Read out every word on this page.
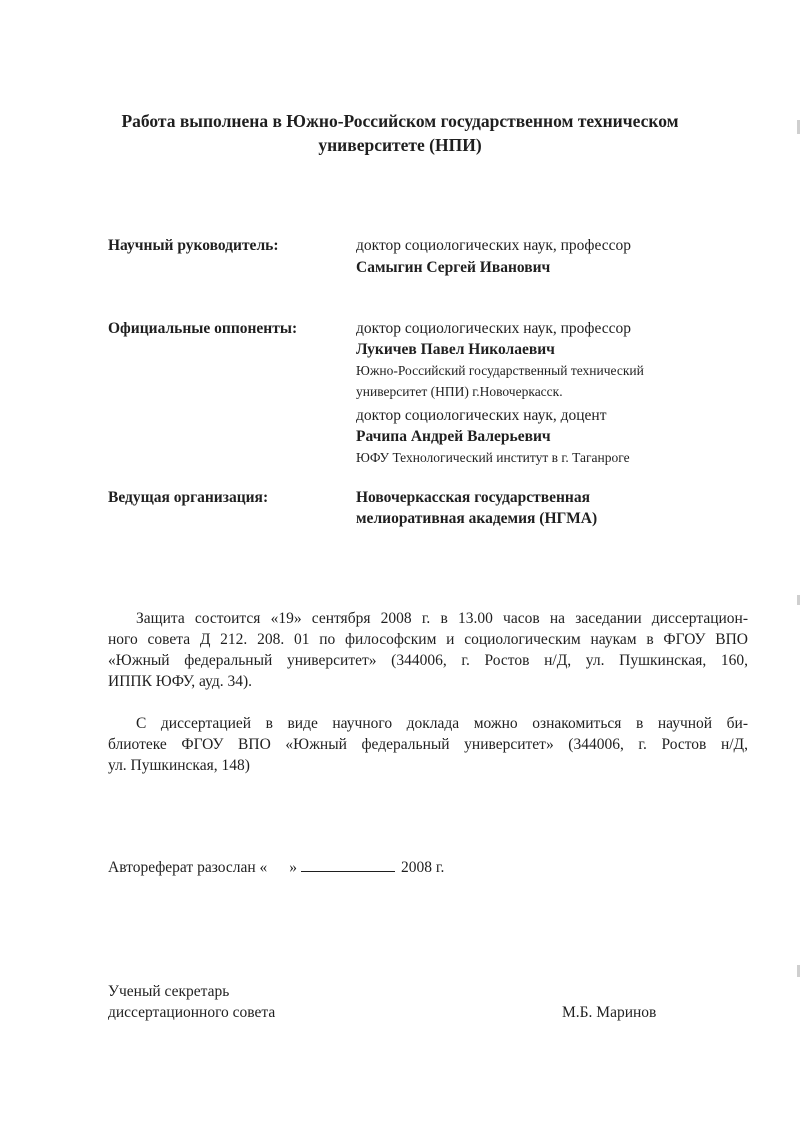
Работа выполнена в Южно-Российском государственном техническом
университете (НПИ)
Научный руководитель:	доктор социологических наук, профессор
Самыгин Сергей Иванович
Официальные оппоненты:	доктор социологических наук, профессор
Лукичев Павел Николаевич
Южно-Российский государственный технический
университет (НПИ) г.Новочеркасск.
доктор социологических наук, доцент
Рачипа Андрей Валерьевич
ЮФУ Технологический институт в г. Таганроге
Ведущая организация:	Новочеркасская государственная
мелиоративная академия (НГМА)
Защита состоится «19» сентября 2008 г. в 13.00 часов на заседании диссертацион-
ного совета Д 212. 208. 01 по философским и социологическим наукам в ФГОУ ВПО
«Южный федеральный университет» (344006, г. Ростов н/Д, ул. Пушкинская, 160,
ИППК ЮФУ, ауд. 34).
С диссертацией в виде научного доклада можно ознакомиться в научной би-
блиотеке ФГОУ ВПО «Южный федеральный университет» (344006, г. Ростов н/Д,
ул. Пушкинская, 148)
Автореферат разослан « »	2008 г.
Ученый секретарь
диссертационного совета	М.Б. Маринов
